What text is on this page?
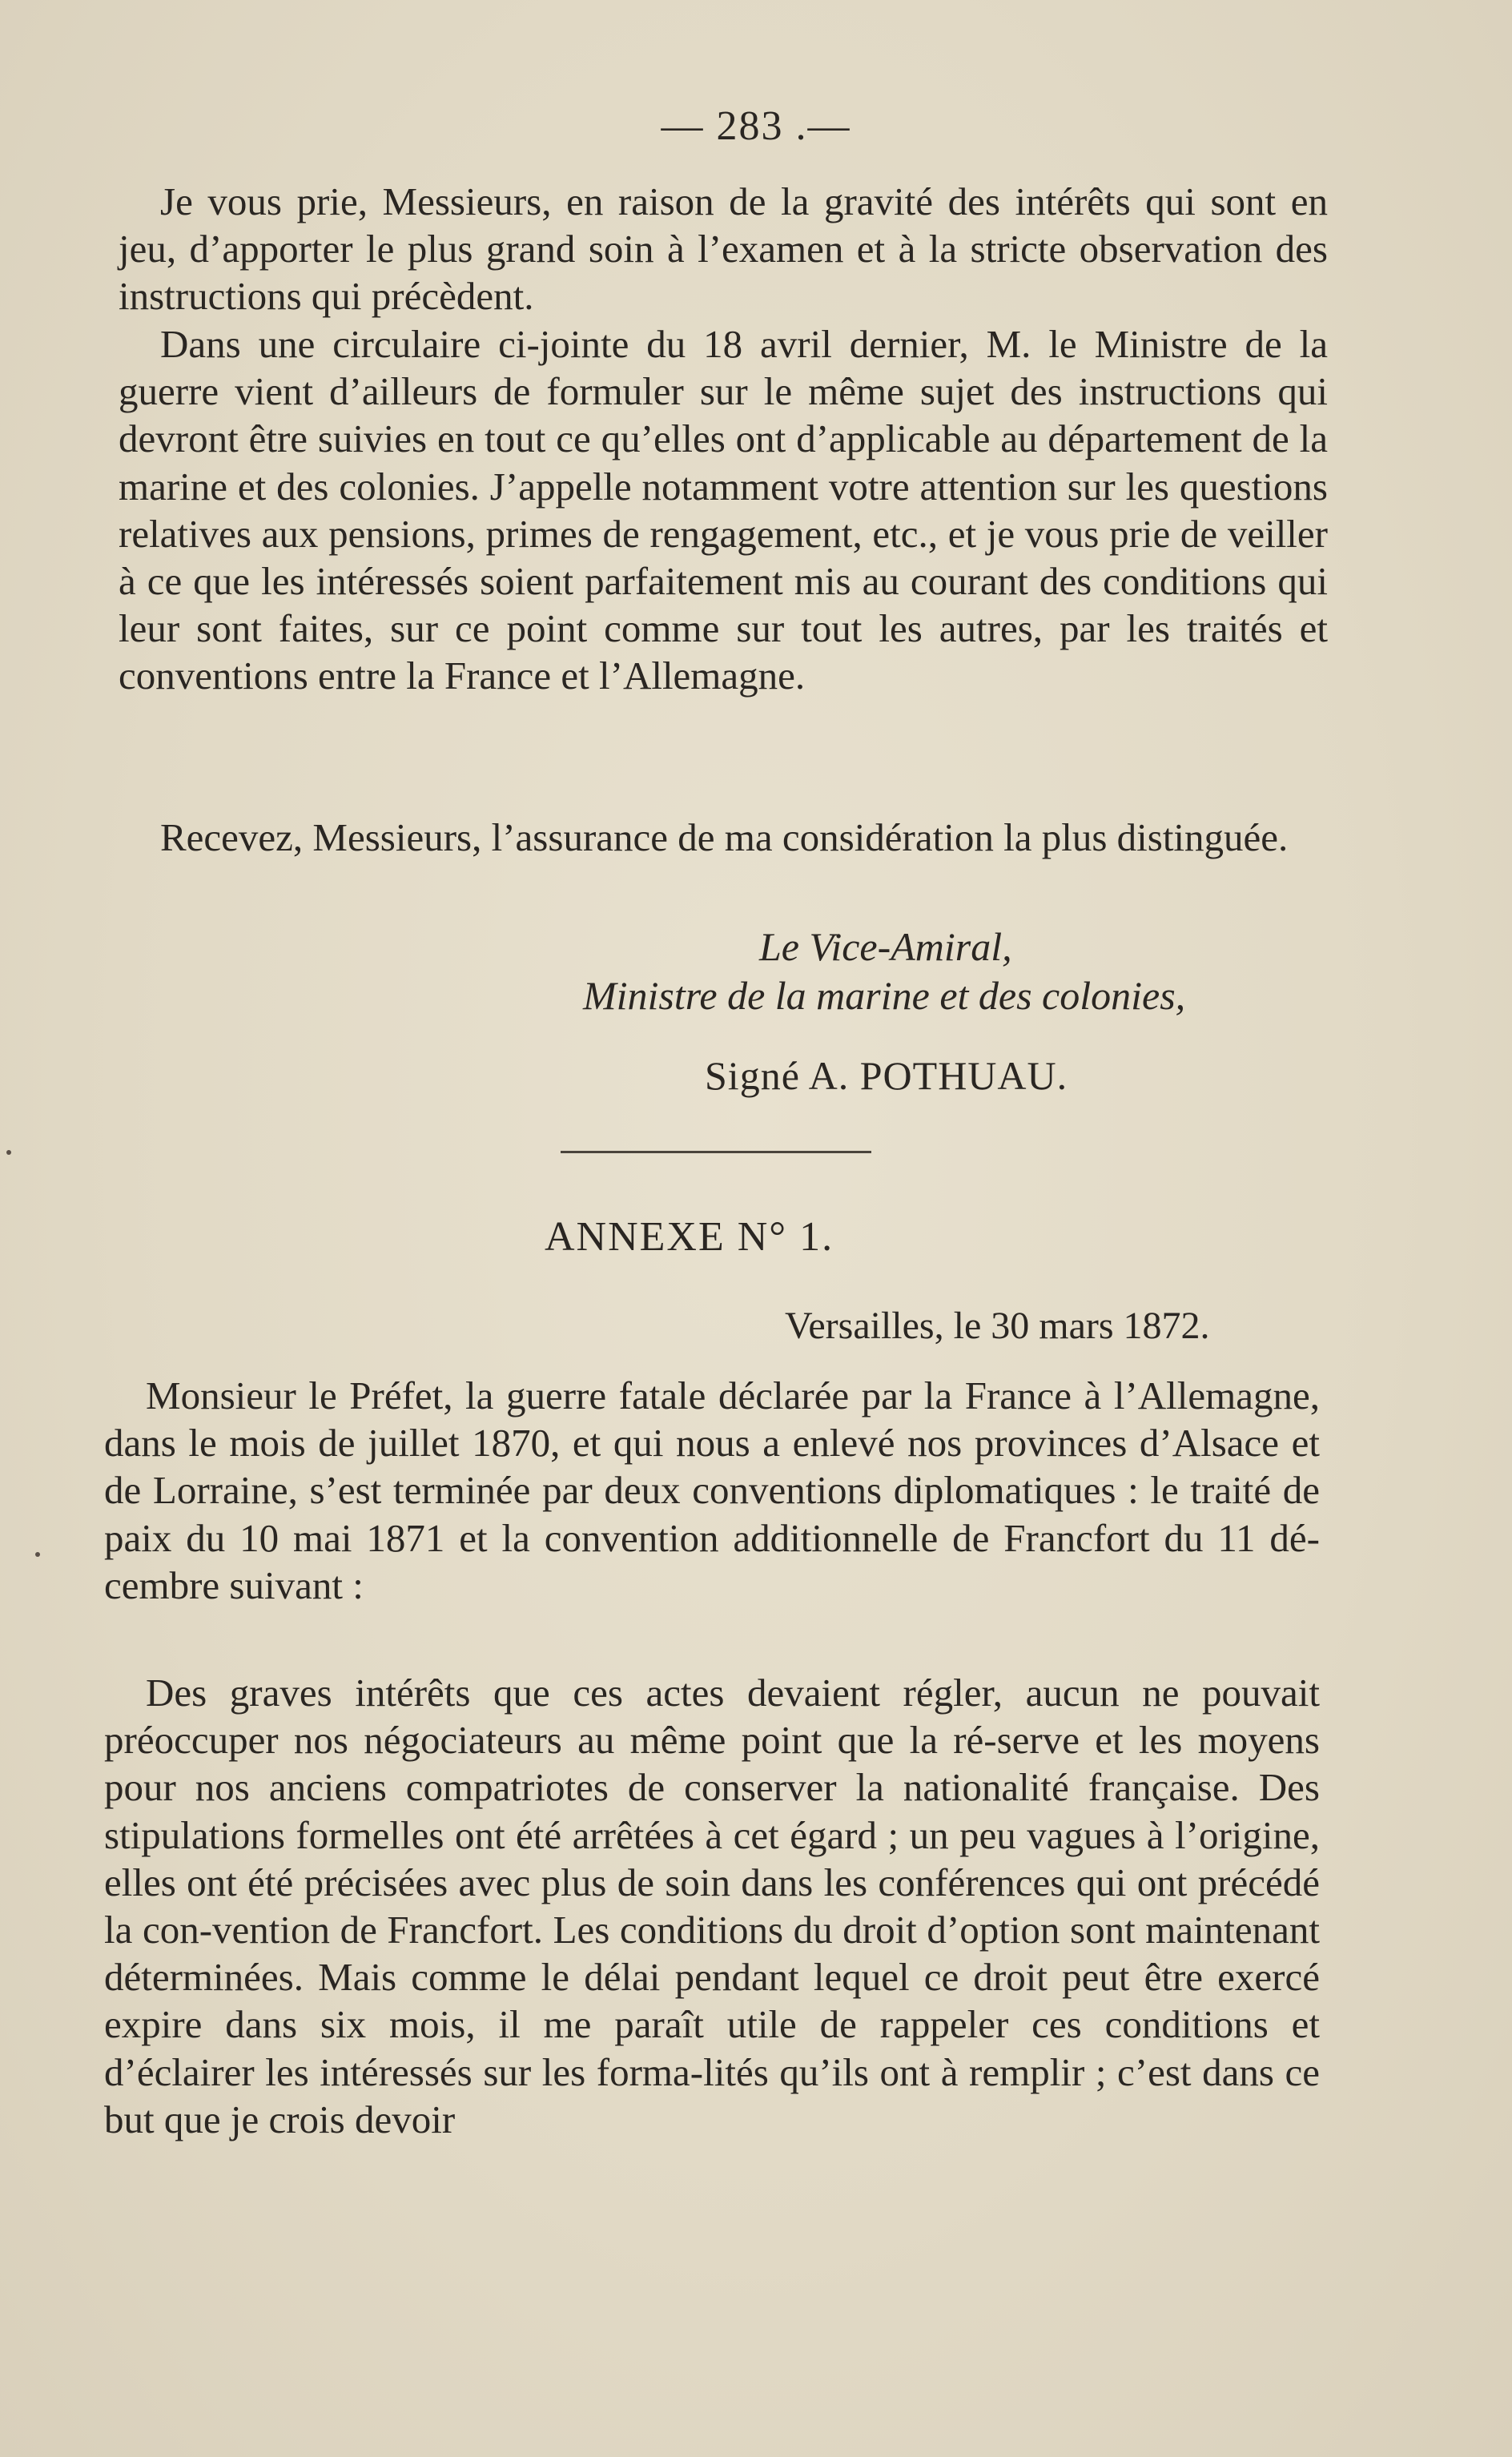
— 283 .—

Je vous prie, Messieurs, en raison de la gravité des intérêts qui sont en jeu, d’apporter le plus grand soin à l’examen et à la stricte observation des instructions qui précèdent.

Dans une circulaire ci-jointe du 18 avril dernier, M. le Ministre de la guerre vient d’ailleurs de formuler sur le même sujet des instructions qui devront être suivies en tout ce qu’elles ont d’applicable au département de la marine et des colonies. J’appelle notamment votre attention sur les questions relatives aux pensions, primes de rengagement, etc., et je vous prie de veiller à ce que les intéressés soient parfaitement mis au courant des conditions qui leur sont faites, sur ce point comme sur tout les autres, par les traités et conventions entre la France et l’Allemagne.

Recevez, Messieurs, l’assurance de ma considération la plus distinguée.

Le Vice-Amiral,
Ministre de la marine et des colonies,
Signé A. POTHUAU.
ANNEXE N° 1.
Versailles, le 30 mars 1872.

Monsieur le Préfet, la guerre fatale déclarée par la France à l’Allemagne, dans le mois de juillet 1870, et qui nous a enlevé nos provinces d’Alsace et de Lorraine, s’est terminée par deux conventions diplomatiques : le traité de paix du 10 mai 1871 et la convention additionnelle de Francfort du 11 dé-cembre suivant :

Des graves intérêts que ces actes devaient régler, aucun ne pouvait préoccuper nos négociateurs au même point que la ré-serve et les moyens pour nos anciens compatriotes de conserver la nationalité française. Des stipulations formelles ont été arrêtées à cet égard ; un peu vagues à l’origine, elles ont été précisées avec plus de soin dans les conférences qui ont précédé la con-vention de Francfort. Les conditions du droit d’option sont maintenant déterminées. Mais comme le délai pendant lequel ce droit peut être exercé expire dans six mois, il me paraît utile de rappeler ces conditions et d’éclairer les intéressés sur les forma-lités qu’ils ont à remplir ; c’est dans ce but que je crois devoir
